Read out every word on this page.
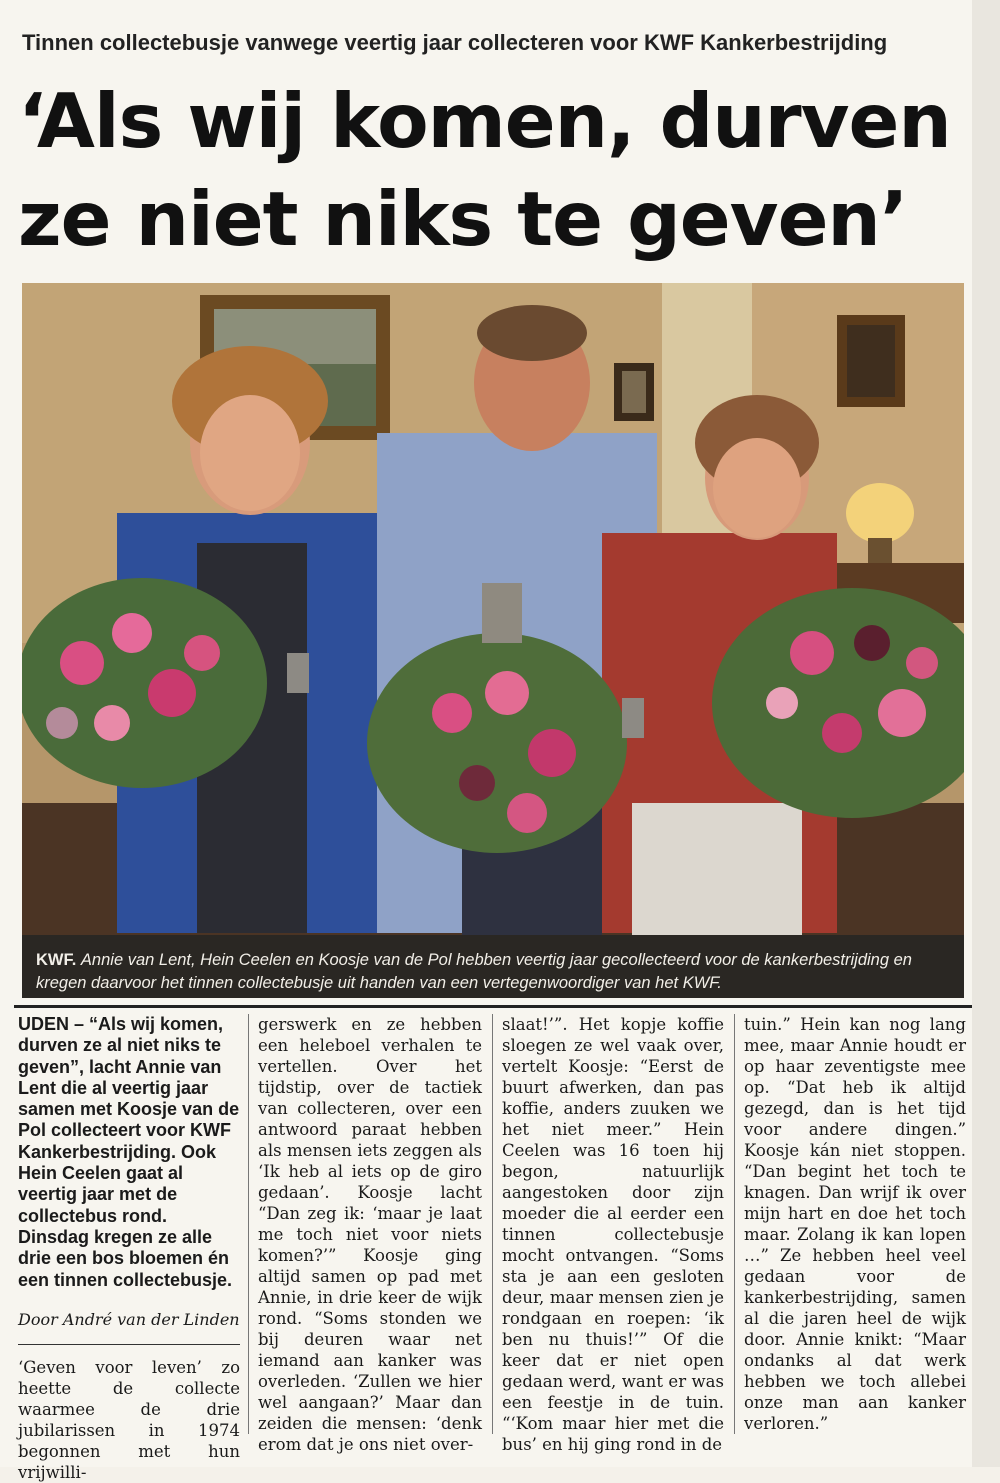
Tinnen collectebusje vanwege veertig jaar collecteren voor KWF Kankerbestrijding
‘Als wij komen, durven
ze niet niks te geven’
KWF. Annie van Lent, Hein Ceelen en Koosje van de Pol hebben veertig jaar gecollecteerd voor de kankerbestrijding en kregen daarvoor het tinnen collectebusje uit handen van een vertegenwoordiger van het KWF.

UDEN – “Als wij komen, durven ze al niet niks te geven”, lacht Annie van Lent die al veertig jaar samen met Koosje van de Pol collecteert voor KWF Kankerbestrijding. Ook Hein Ceelen gaat al veertig jaar met de collectebus rond. Dinsdag kregen ze alle drie een bos bloemen én een tinnen collectebusje.

Door André van der Linden

‘Geven voor leven’ zo heette de collecte waarmee de drie jubilarissen in 1974 begonnen met hun vrijwilli-

gerswerk en ze hebben een heleboel verhalen te vertellen. Over het tijdstip, over de tactiek van collecteren, over een antwoord paraat hebben als mensen iets zeggen als ‘Ik heb al iets op de giro gedaan’. Koosje lacht “Dan zeg ik: ‘maar je laat me toch niet voor niets komen?’” Koosje ging altijd samen op pad met Annie, in drie keer de wijk rond. “Soms stonden we bij deuren waar net iemand aan kanker was overleden. ‘Zullen we hier wel aangaan?’ Maar dan zeiden die mensen: ‘denk erom dat je ons niet over-

slaat!’”. Het kopje koffie sloegen ze wel vaak over, vertelt Koosje: “Eerst de buurt afwerken, dan pas koffie, anders zuuken we het niet meer.” Hein Ceelen was 16 toen hij begon, natuurlijk aangestoken door zijn moeder die al eerder een tinnen collectebusje mocht ontvangen. “Soms sta je aan een gesloten deur, maar mensen zien je rondgaan en roepen: ‘ik ben nu thuis!’” Of die keer dat er niet open gedaan werd, want er was een feestje in de tuin. “‘Kom maar hier met die bus’ en hij ging rond in de

tuin.” Hein kan nog lang mee, maar Annie houdt er op haar zeventigste mee op. “Dat heb ik altijd gezegd, dan is het tijd voor andere dingen.” Koosje kán niet stoppen. “Dan begint het toch te knagen. Dan wrijf ik over mijn hart en doe het toch maar. Zolang ik kan lopen …” Ze hebben heel veel gedaan voor de kankerbestrijding, samen al die jaren heel de wijk door. Annie knikt: “Maar ondanks al dat werk hebben we toch allebei onze man aan kanker verloren.”
